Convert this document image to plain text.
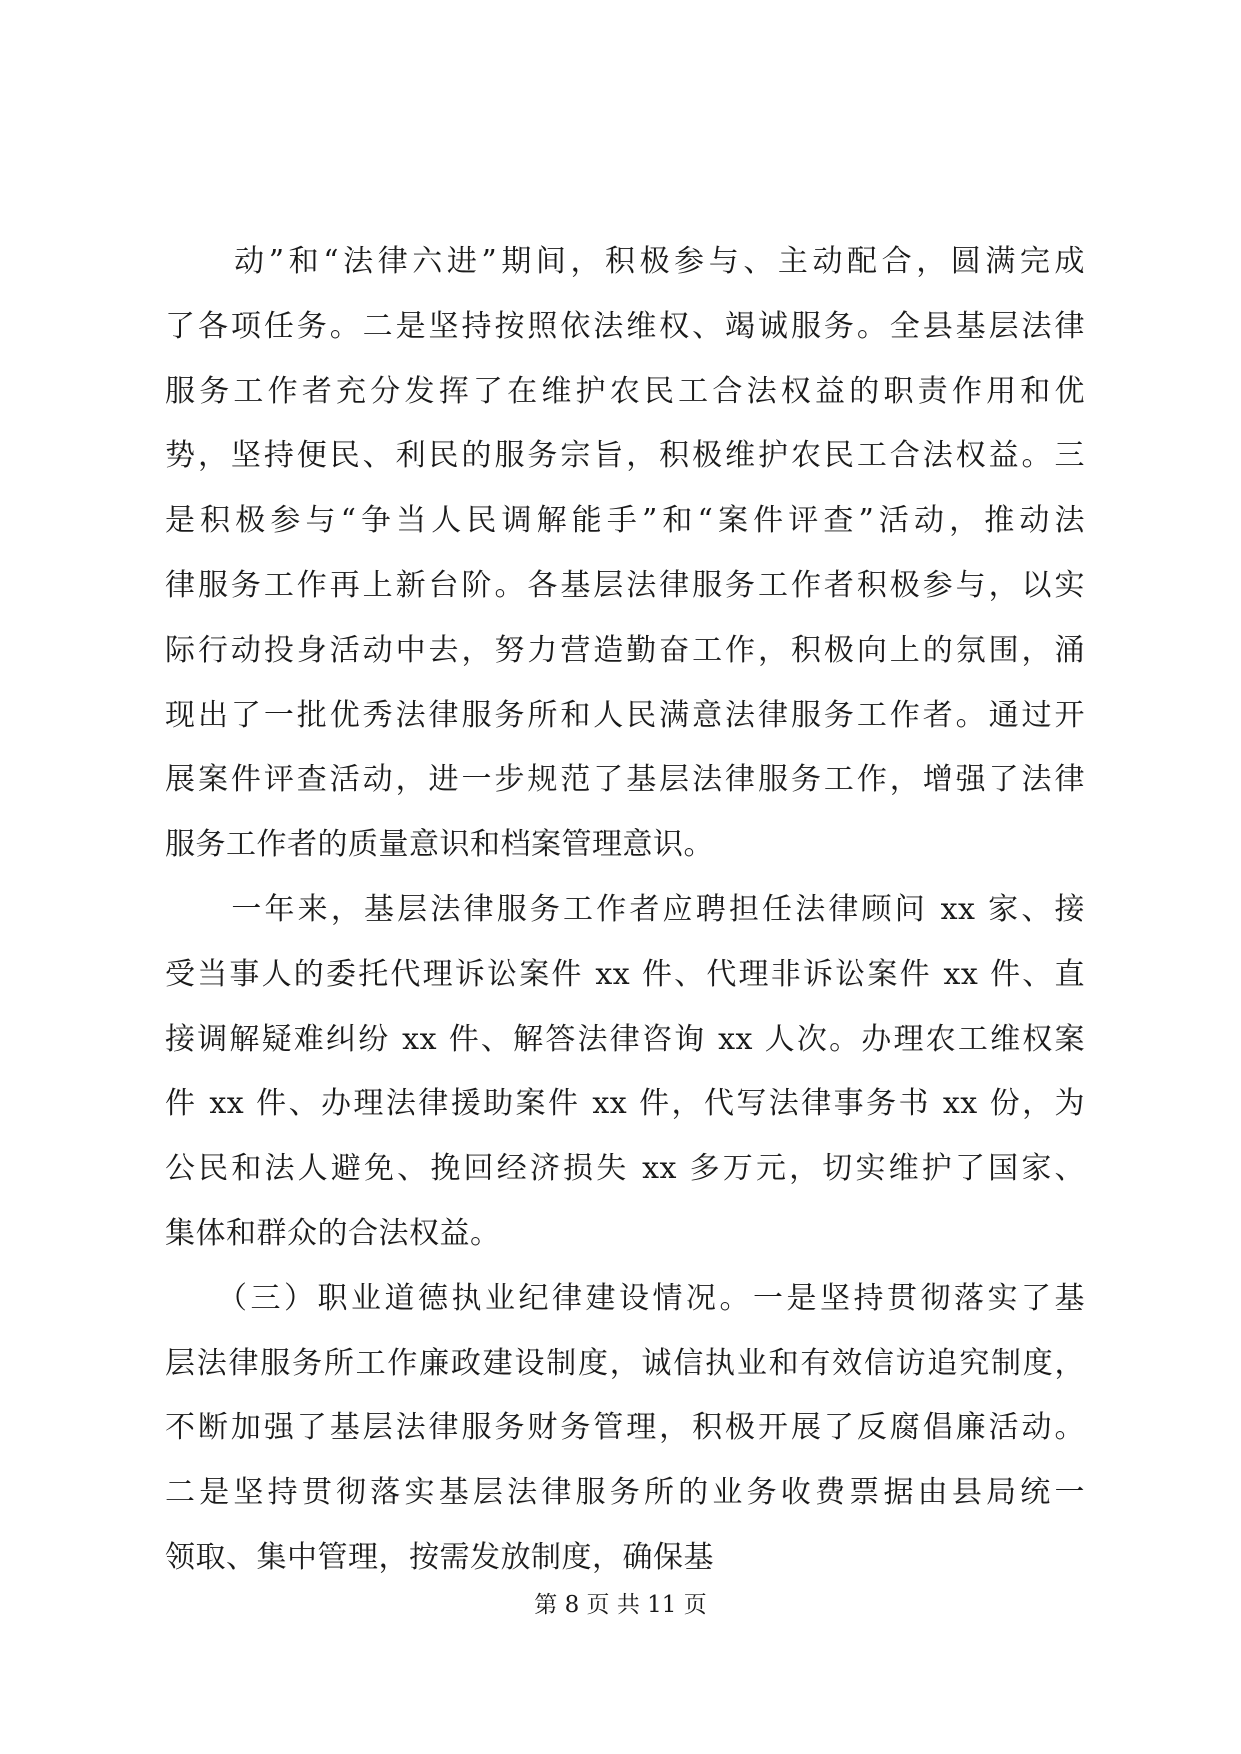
　　动”和“法律六进”期间，积极参与、主动配合，圆满完成
了各项任务。二是坚持按照依法维权、竭诚服务。全县基层法律
服务工作者充分发挥了在维护农民工合法权益的职责作用和优
势，坚持便民、利民的服务宗旨，积极维护农民工合法权益。三
是积极参与“争当人民调解能手”和“案件评查”活动，推动法
律服务工作再上新台阶。各基层法律服务工作者积极参与，以实
际行动投身活动中去，努力营造勤奋工作，积极向上的氛围，涌
现出了一批优秀法律服务所和人民满意法律服务工作者。通过开
展案件评查活动，进一步规范了基层法律服务工作，增强了法律
服务工作者的质量意识和档案管理意识。
　　一年来，基层法律服务工作者应聘担任法律顾问 xx 家、接
受当事人的委托代理诉讼案件 xx 件、代理非诉讼案件 xx 件、直
接调解疑难纠纷 xx 件、解答法律咨询 xx 人次。办理农工维权案
件 xx 件、办理法律援助案件 xx 件，代写法律事务书 xx 份，为
公民和法人避免、挽回经济损失 xx 多万元，切实维护了国家、
集体和群众的合法权益。
　　（三）职业道德执业纪律建设情况。一是坚持贯彻落实了基
层法律服务所工作廉政建设制度，诚信执业和有效信访追究制度，
不断加强了基层法律服务财务管理，积极开展了反腐倡廉活动。
二是坚持贯彻落实基层法律服务所的业务收费票据由县局统一
领取、集中管理，按需发放制度，确保基
第 8 页 共 11 页
